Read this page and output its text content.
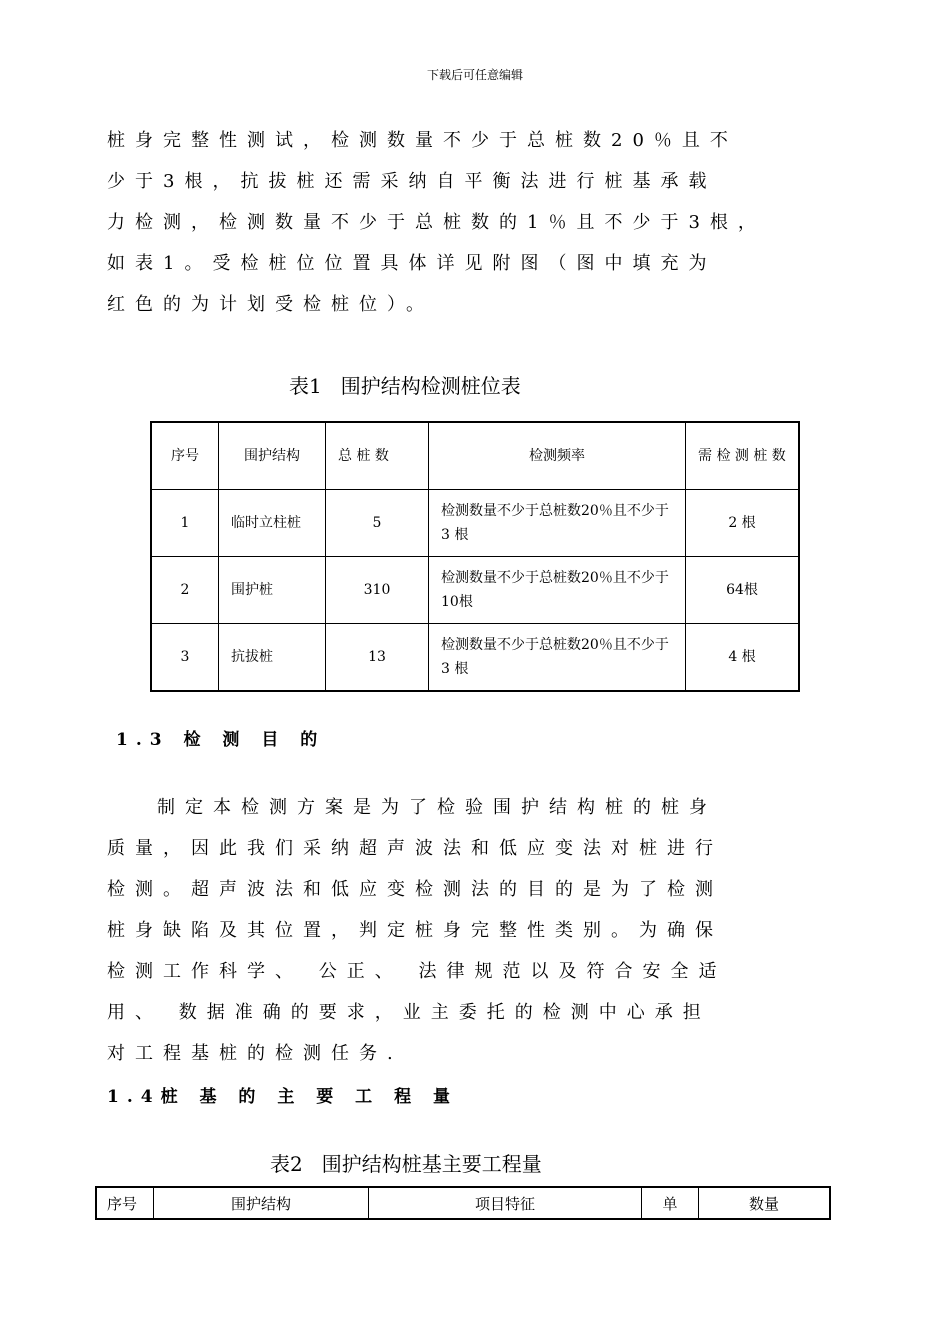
下载后可任意编辑
桩身完整性测试，检测数量不少于总桩数20％且不
少于3根，抗拔桩还需采纳自平衡法进行桩基承载
力检测，检测数量不少于总桩数的1％且不少于3根，
如表1。受检桩位位置具体详见附图（图中填充为
红色的为计划受检桩位）。
表1   围护结构检测桩位表
序号	围护结构	总 桩 数	检测频率	需 检 测 桩 数
1	临时立柱桩	5	检测数量不少于总桩数20％且不少于3 根	2 根
2	围护桩	310	检测数量不少于总桩数20％且不少于10根	64根
3	抗拔桩	13	检测数量不少于总桩数20％且不少于3 根	4 根
1.3 检 测 目 的
制定本检测方案是为了检验围护结构桩的桩身
质量，因此我们采纳超声波法和低应变法对桩进行
检测。超声波法和低应变检测法的目的是为了检测
桩身缺陷及其位置，判定桩身完整性类别。为确保
检测工作科学、 公正、 法律规范以及符合安全适
用、 数据准确的要求，业主委托的检测中心承担
对工程基桩的检测任务.
1.4桩 基 的 主 要 工 程 量
表2   围护结构桩基主要工程量
序号	围护结构	项目特征	单	数量
